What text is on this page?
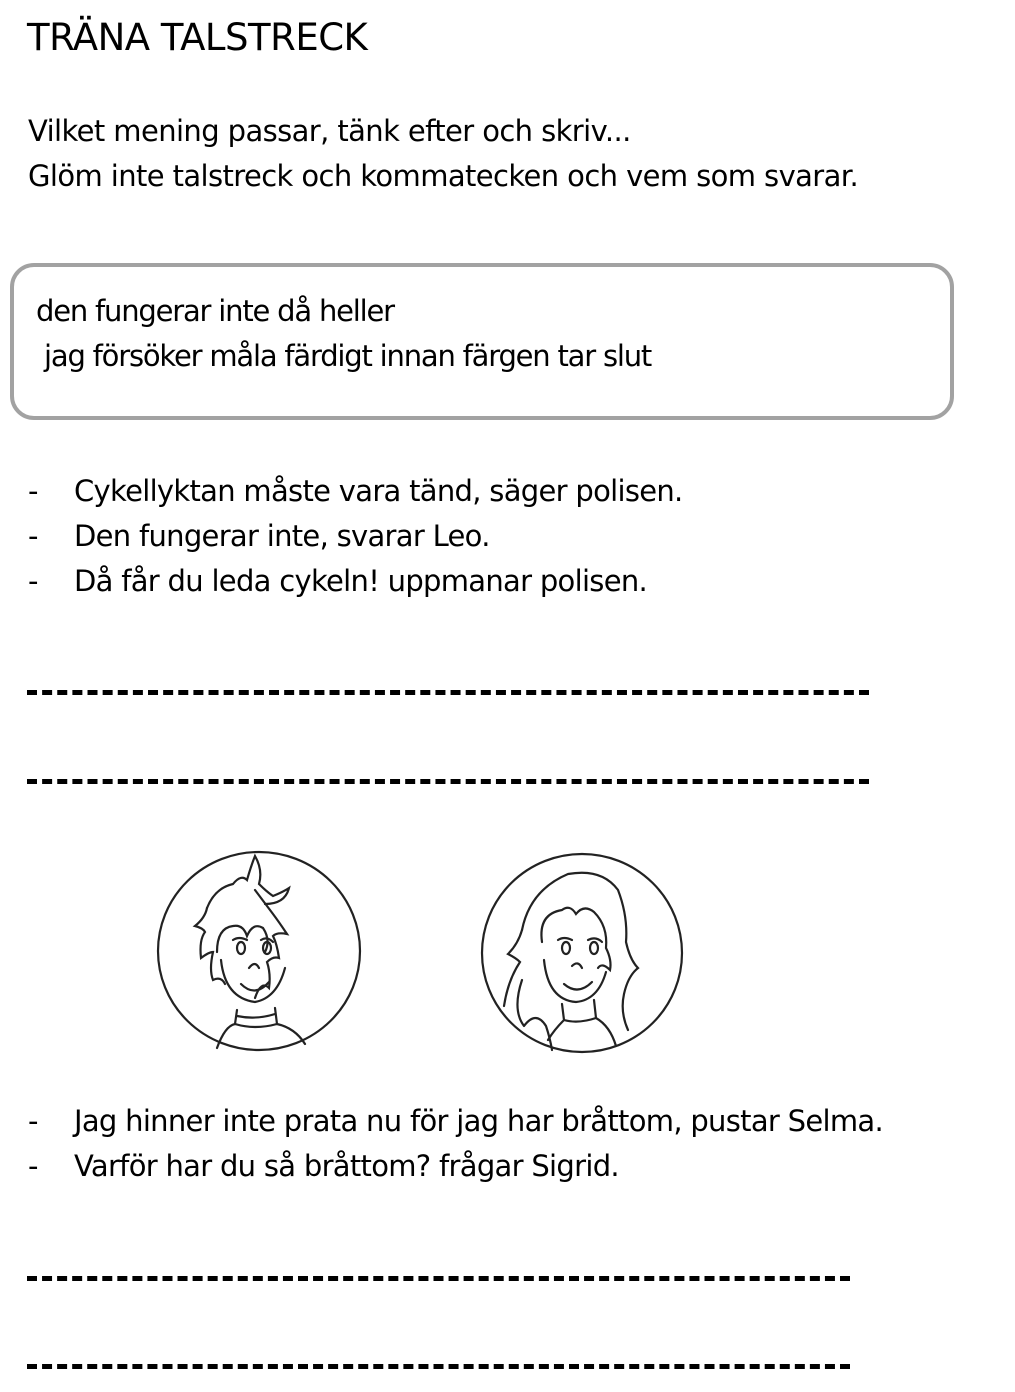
TRÄNA TALSTRECK
Vilket mening passar, tänk efter och skriv...
Glöm inte talstreck och kommatecken och vem som svarar.
den fungerar inte då heller
jag försöker måla färdigt innan färgen tar slut
- Cykellyktan måste vara tänd, säger polisen.
- Den fungerar inte, svarar Leo.
- Då får du leda cykeln! uppmanar polisen.
- Jag hinner inte prata nu för jag har bråttom, pustar Selma.
- Varför har du så bråttom? frågar Sigrid.
